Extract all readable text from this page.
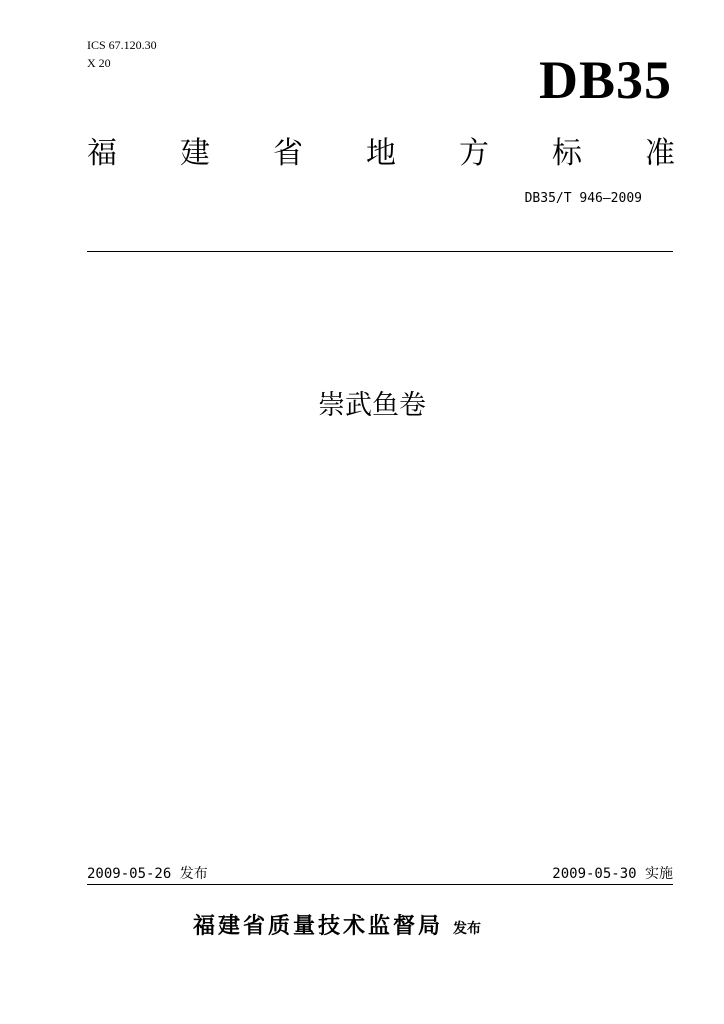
ICS 67.120.30
X 20	DB35
福 建 省 地 方 标 准
DB35/T 946—2009
崇武鱼卷
2009-05-26 发布	2009-05-30 实施
福建省质量技术监督局 发布
